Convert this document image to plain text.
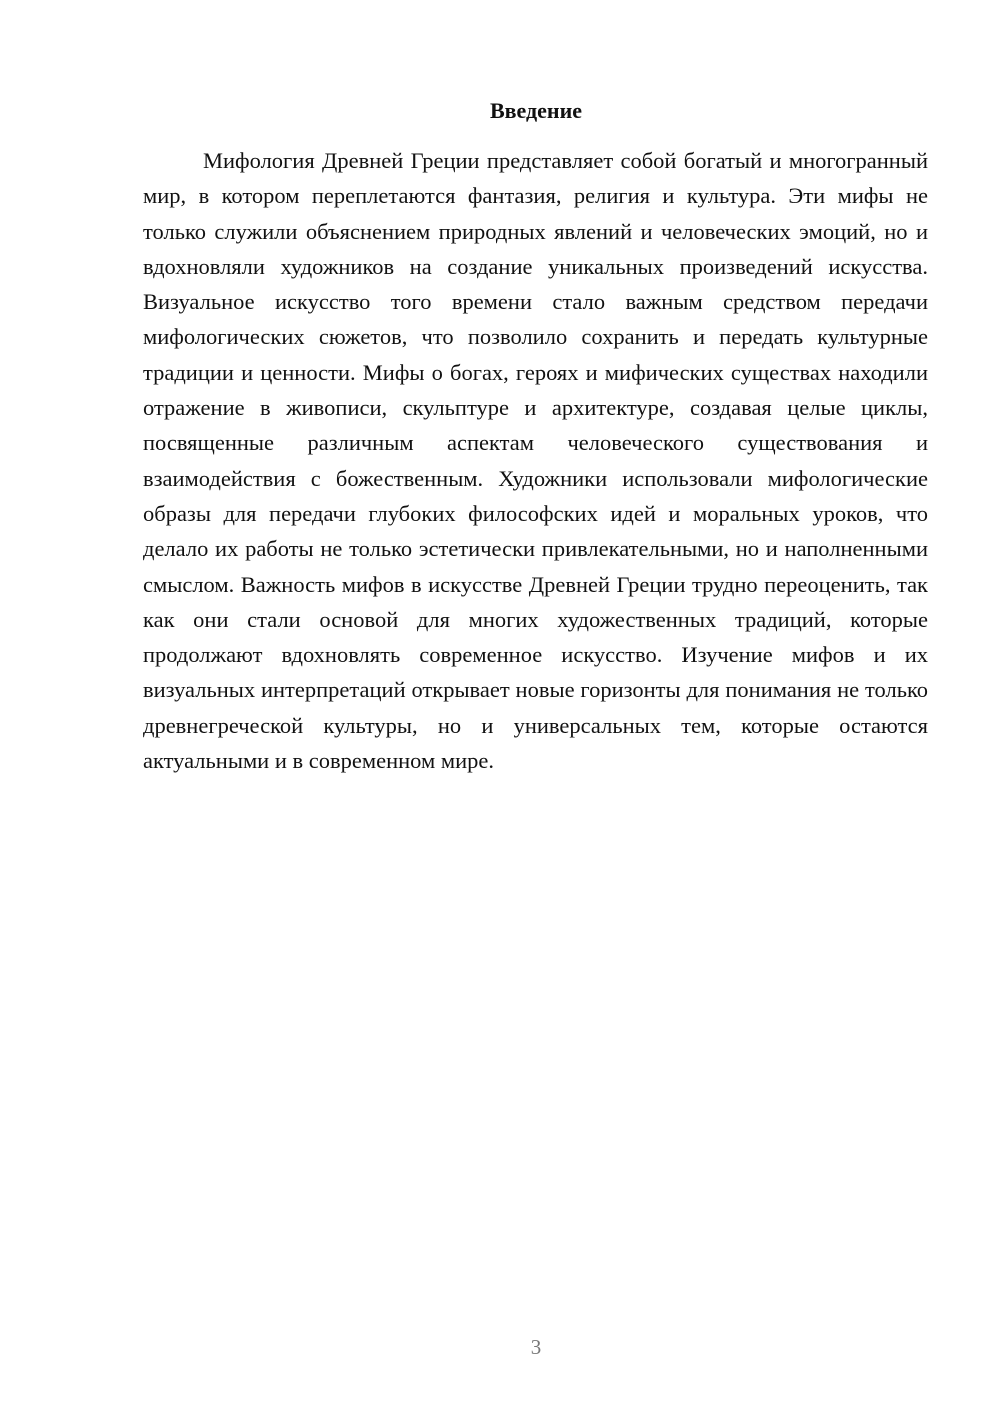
Введение

Мифология Древней Греции представляет собой богатый и многогранный мир, в котором переплетаются фантазия, религия и культура. Эти мифы не только служили объяснением природных явлений и человеческих эмоций, но и вдохновляли художников на создание уникальных произведений искусства. Визуальное искусство того времени стало важным средством передачи мифологических сюжетов, что позволило сохранить и передать культурные традиции и ценности. Мифы о богах, героях и мифических существах находили отражение в живописи, скульптуре и архитектуре, создавая целые циклы, посвященные различным аспектам человеческого существования и взаимодействия с божественным. Художники использовали мифологические образы для передачи глубоких философских идей и моральных уроков, что делало их работы не только эстетически привлекательными, но и наполненными смыслом. Важность мифов в искусстве Древней Греции трудно переоценить, так как они стали основой для многих художественных традиций, которые продолжают вдохновлять современное искусство. Изучение мифов и их визуальных интерпретаций открывает новые горизонты для понимания не только древнегреческой культуры, но и универсальных тем, которые остаются актуальными и в современном мире.

3
